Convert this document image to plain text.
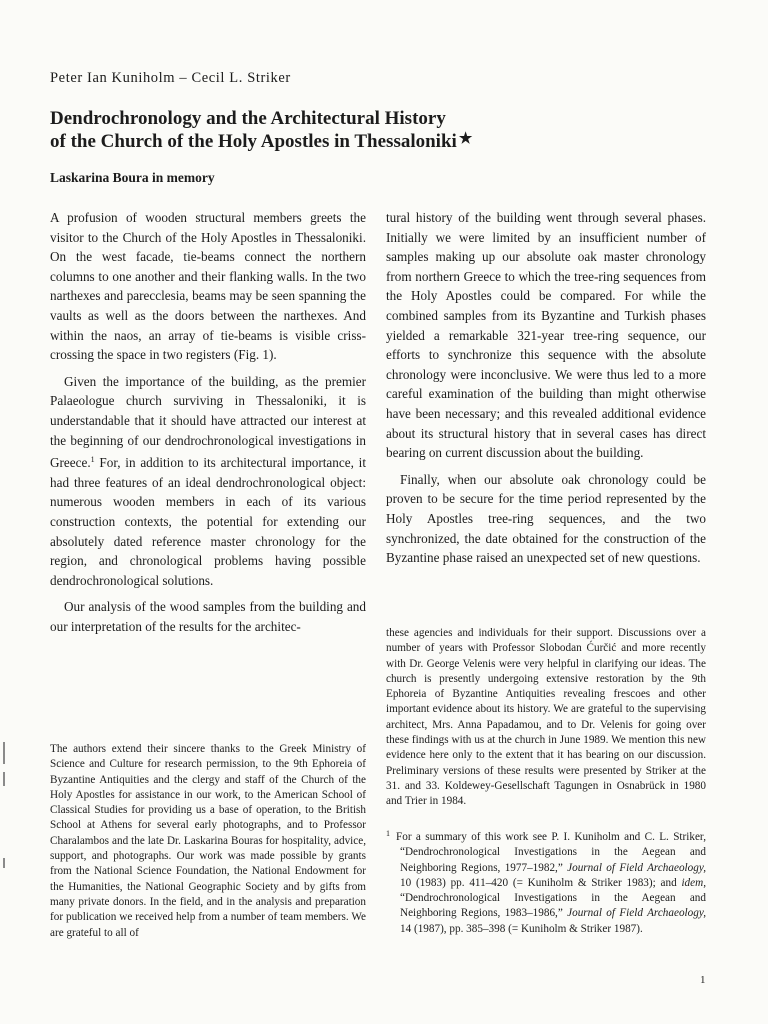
Peter Ian Kuniholm – Cecil L. Striker
Dendrochronology and the Architectural History
of the Church of the Holy Apostles in Thessaloniki ★
Laskarina Boura in memory

A profusion of wooden structural members greets the visitor to the Church of the Holy Apostles in Thessaloniki. On the west facade, tie-beams connect the northern columns to one another and their flanking walls. In the two narthexes and parecclesia, beams may be seen spanning the vaults as well as the doors between the narthexes. And within the naos, an array of tie-beams is visible criss-crossing the space in two registers (Fig. 1).

Given the importance of the building, as the premier Palaeologue church surviving in Thessaloniki, it is understandable that it should have attracted our interest at the beginning of our dendrochronological investigations in Greece.$^1$ For, in addition to its architectural importance, it had three features of an ideal dendrochronological object: numerous wooden members in each of its various construction contexts, the potential for extending our absolutely dated reference master chronology for the region, and chronological problems having possible dendrochronological solutions.

Our analysis of the wood samples from the building and our interpretation of the results for the architec-

tural history of the building went through several phases. Initially we were limited by an insufficient number of samples making up our absolute oak master chronology from northern Greece to which the tree-ring sequences from the Holy Apostles could be compared. For while the combined samples from its Byzantine and Turkish phases yielded a remarkable 321-year tree-ring sequence, our efforts to synchronize this sequence with the absolute chronology were inconclusive. We were thus led to a more careful examination of the building than might otherwise have been necessary; and this revealed additional evidence about its structural history that in several cases has direct bearing on current discussion about the building.

Finally, when our absolute oak chronology could be proven to be secure for the time period represented by the Holy Apostles tree-ring sequences, and the two synchronized, the date obtained for the construction of the Byzantine phase raised an unexpected set of new questions.

The authors extend their sincere thanks to the Greek Ministry of Science and Culture for research permission, to the 9th Ephoreia of Byzantine Antiquities and the clergy and staff of the Church of the Holy Apostles for assistance in our work, to the American School of Classical Studies for providing us a base of operation, to the British School at Athens for several early photographs, and to Professor Charalambos and the late Dr. Laskarina Bouras for hospitality, advice, support, and photographs. Our work was made possible by grants from the National Science Foundation, the National Endowment for the Humanities, the National Geographic Society and by gifts from many private donors. In the field, and in the analysis and preparation for publication we received help from a number of team members. We are grateful to all of
these agencies and individuals for their support. Discussions over a number of years with Professor Slobodan Ćurčić and more recently with Dr. George Velenis were very helpful in clarifying our ideas. The church is presently undergoing extensive restoration by the 9th Ephoreia of Byzantine Antiquities revealing frescoes and other important evidence about its history. We are grateful to the supervising architect, Mrs. Anna Papadamou, and to Dr. Velenis for going over these findings with us at the church in June 1989. We mention this new evidence here only to the extent that it has bearing on our discussion. Preliminary versions of these results were presented by Striker at the 31. and 33. Koldewey-Gesellschaft Tagungen in Osnabrück in 1980 and Trier in 1984.
$^1$ For a summary of this work see P. I. Kuniholm and C. L. Striker, “Dendrochronological Investigations in the Aegean and Neighboring Regions, 1977–1982,” Journal of Field Archaeology, 10 (1983) pp. 411–420 (= Kuniholm & Striker 1983); and idem, “Dendrochronological Investigations in the Aegean and Neighboring Regions, 1983–1986,” Journal of Field Archaeology, 14 (1987), pp. 385–398 (= Kuniholm & Striker 1987).
1
